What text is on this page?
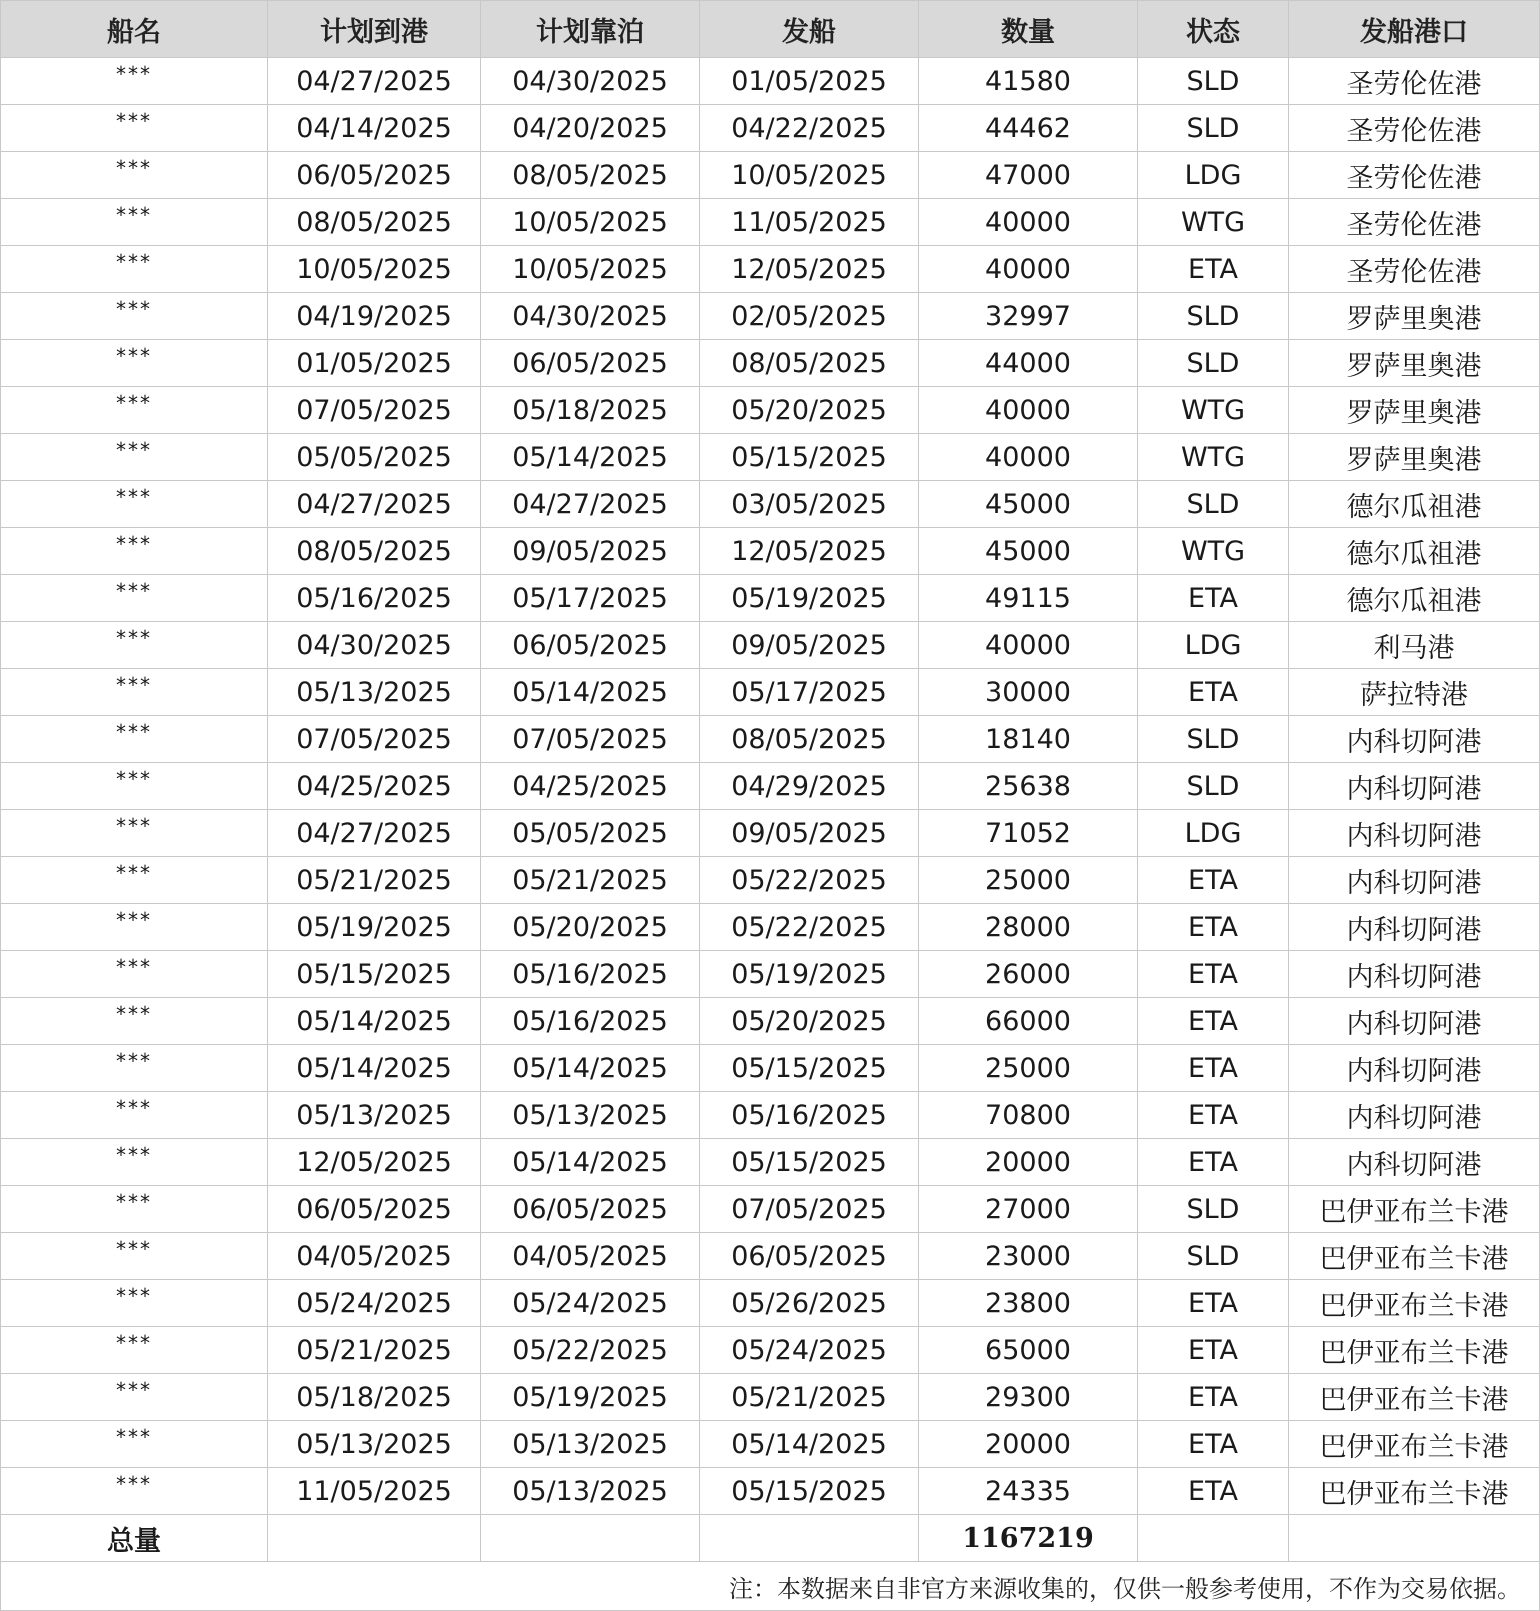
船名	计划到港	计划靠泊	发船	数量	状态	发船港口
***	04/27/2025	04/30/2025	01/05/2025	41580	SLD	圣劳伦佐港
***	04/14/2025	04/20/2025	04/22/2025	44462	SLD	圣劳伦佐港
***	06/05/2025	08/05/2025	10/05/2025	47000	LDG	圣劳伦佐港
***	08/05/2025	10/05/2025	11/05/2025	40000	WTG	圣劳伦佐港
***	10/05/2025	10/05/2025	12/05/2025	40000	ETA	圣劳伦佐港
***	04/19/2025	04/30/2025	02/05/2025	32997	SLD	罗萨里奥港
***	01/05/2025	06/05/2025	08/05/2025	44000	SLD	罗萨里奥港
***	07/05/2025	05/18/2025	05/20/2025	40000	WTG	罗萨里奥港
***	05/05/2025	05/14/2025	05/15/2025	40000	WTG	罗萨里奥港
***	04/27/2025	04/27/2025	03/05/2025	45000	SLD	德尔瓜祖港
***	08/05/2025	09/05/2025	12/05/2025	45000	WTG	德尔瓜祖港
***	05/16/2025	05/17/2025	05/19/2025	49115	ETA	德尔瓜祖港
***	04/30/2025	06/05/2025	09/05/2025	40000	LDG	利马港
***	05/13/2025	05/14/2025	05/17/2025	30000	ETA	萨拉特港
***	07/05/2025	07/05/2025	08/05/2025	18140	SLD	内科切阿港
***	04/25/2025	04/25/2025	04/29/2025	25638	SLD	内科切阿港
***	04/27/2025	05/05/2025	09/05/2025	71052	LDG	内科切阿港
***	05/21/2025	05/21/2025	05/22/2025	25000	ETA	内科切阿港
***	05/19/2025	05/20/2025	05/22/2025	28000	ETA	内科切阿港
***	05/15/2025	05/16/2025	05/19/2025	26000	ETA	内科切阿港
***	05/14/2025	05/16/2025	05/20/2025	66000	ETA	内科切阿港
***	05/14/2025	05/14/2025	05/15/2025	25000	ETA	内科切阿港
***	05/13/2025	05/13/2025	05/16/2025	70800	ETA	内科切阿港
***	12/05/2025	05/14/2025	05/15/2025	20000	ETA	内科切阿港
***	06/05/2025	06/05/2025	07/05/2025	27000	SLD	巴伊亚布兰卡港
***	04/05/2025	04/05/2025	06/05/2025	23000	SLD	巴伊亚布兰卡港
***	05/24/2025	05/24/2025	05/26/2025	23800	ETA	巴伊亚布兰卡港
***	05/21/2025	05/22/2025	05/24/2025	65000	ETA	巴伊亚布兰卡港
***	05/18/2025	05/19/2025	05/21/2025	29300	ETA	巴伊亚布兰卡港
***	05/13/2025	05/13/2025	05/14/2025	20000	ETA	巴伊亚布兰卡港
***	11/05/2025	05/13/2025	05/15/2025	24335	ETA	巴伊亚布兰卡港
总量				1167219		
注：本数据来自非官方来源收集的，仅供一般参考使用，不作为交易依据。						
